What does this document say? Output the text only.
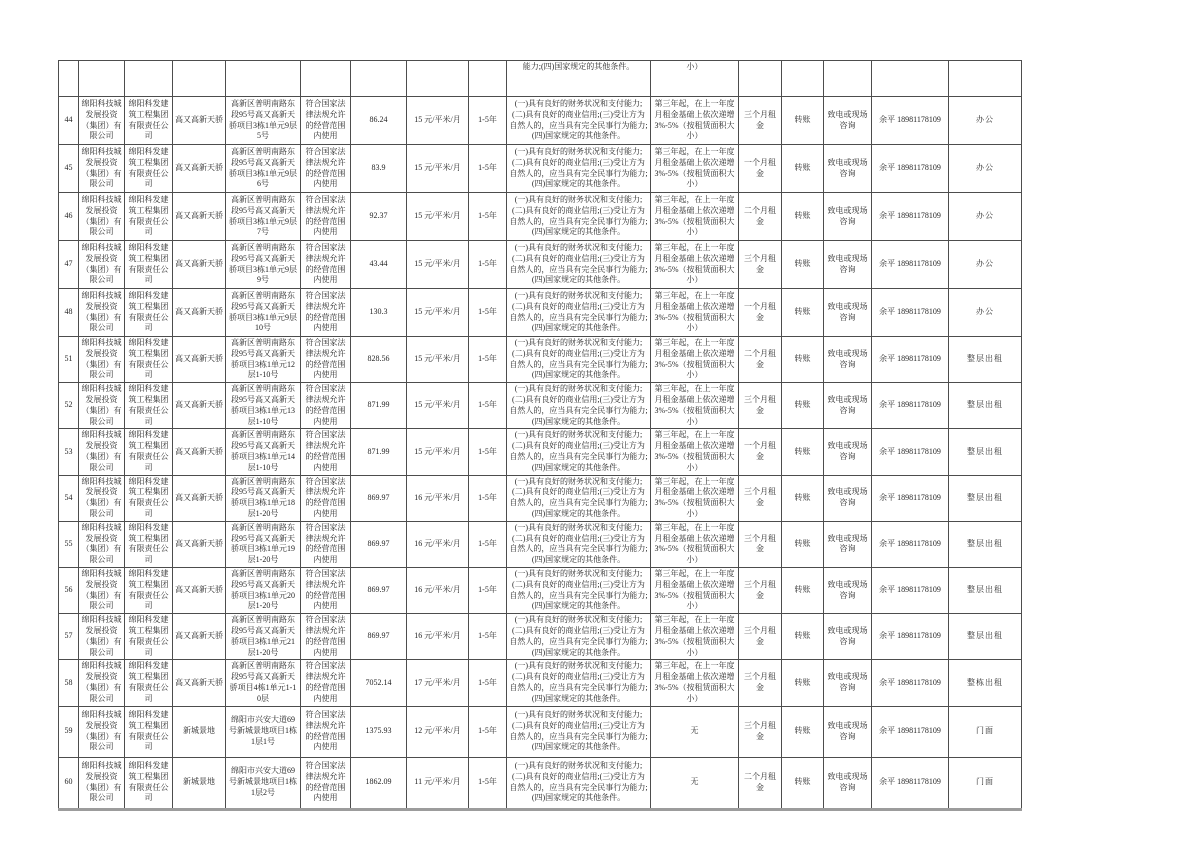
									能力;(四)国家规定的其他条件。	小）					
44	绵阳科技城发展投资（集团）有限公司	绵阳科发建筑工程集团有限责任公司	高又高新天骄	高新区普明南路东段95号高又高新天骄项目3栋1单元9层5号	符合国家法律法规允许的经营范围内使用	86.24	15 元/平米/月	1-5年	(一)具有良好的财务状况和支付能力;(二)具有良好的商业信用;(三)受让方为自然人的，应当具有完全民事行为能力;(四)国家规定的其他条件。	第三年起，在上一年度月租金基础上依次递增3%-5%（按租赁面积大小）	三个月租金	转账	致电或现场咨询	余平 18981178109	办公
45	绵阳科技城发展投资（集团）有限公司	绵阳科发建筑工程集团有限责任公司	高又高新天骄	高新区普明南路东段95号高又高新天骄项目3栋1单元9层6号	符合国家法律法规允许的经营范围内使用	83.9	15 元/平米/月	1-5年	(一)具有良好的财务状况和支付能力;(二)具有良好的商业信用;(三)受让方为自然人的，应当具有完全民事行为能力;(四)国家规定的其他条件。	第三年起，在上一年度月租金基础上依次递增3%-5%（按租赁面积大小）	一个月租金	转账	致电或现场咨询	余平 18981178109	办公
46	绵阳科技城发展投资（集团）有限公司	绵阳科发建筑工程集团有限责任公司	高又高新天骄	高新区普明南路东段95号高又高新天骄项目3栋1单元9层7号	符合国家法律法规允许的经营范围内使用	92.37	15 元/平米/月	1-5年	(一)具有良好的财务状况和支付能力;(二)具有良好的商业信用;(三)受让方为自然人的，应当具有完全民事行为能力;(四)国家规定的其他条件。	第三年起，在上一年度月租金基础上依次递增3%-5%（按租赁面积大小）	二个月租金	转账	致电或现场咨询	余平 18981178109	办公
47	绵阳科技城发展投资（集团）有限公司	绵阳科发建筑工程集团有限责任公司	高又高新天骄	高新区普明南路东段95号高又高新天骄项目3栋1单元9层9号	符合国家法律法规允许的经营范围内使用	43.44	15 元/平米/月	1-5年	(一)具有良好的财务状况和支付能力;(二)具有良好的商业信用;(三)受让方为自然人的，应当具有完全民事行为能力;(四)国家规定的其他条件。	第三年起，在上一年度月租金基础上依次递增3%-5%（按租赁面积大小）	三个月租金	转账	致电或现场咨询	余平 18981178109	办公
48	绵阳科技城发展投资（集团）有限公司	绵阳科发建筑工程集团有限责任公司	高又高新天骄	高新区普明南路东段95号高又高新天骄项目3栋1单元9层10号	符合国家法律法规允许的经营范围内使用	130.3	15 元/平米/月	1-5年	(一)具有良好的财务状况和支付能力;(二)具有良好的商业信用;(三)受让方为自然人的，应当具有完全民事行为能力;(四)国家规定的其他条件。	第三年起，在上一年度月租金基础上依次递增3%-5%（按租赁面积大小）	一个月租金	转账	致电或现场咨询	余平 18981178109	办公
51	绵阳科技城发展投资（集团）有限公司	绵阳科发建筑工程集团有限责任公司	高又高新天骄	高新区普明南路东段95号高又高新天骄项目3栋1单元12层1-10号	符合国家法律法规允许的经营范围内使用	828.56	15 元/平米/月	1-5年	(一)具有良好的财务状况和支付能力;(二)具有良好的商业信用;(三)受让方为自然人的，应当具有完全民事行为能力;(四)国家规定的其他条件。	第三年起，在上一年度月租金基础上依次递增3%-5%（按租赁面积大小）	二个月租金	转账	致电或现场咨询	余平 18981178109	整层出租
52	绵阳科技城发展投资（集团）有限公司	绵阳科发建筑工程集团有限责任公司	高又高新天骄	高新区普明南路东段95号高又高新天骄项目3栋1单元13层1-10号	符合国家法律法规允许的经营范围内使用	871.99	15 元/平米/月	1-5年	(一)具有良好的财务状况和支付能力;(二)具有良好的商业信用;(三)受让方为自然人的，应当具有完全民事行为能力;(四)国家规定的其他条件。	第三年起，在上一年度月租金基础上依次递增3%-5%（按租赁面积大小）	三个月租金	转账	致电或现场咨询	余平 18981178109	整层出租
53	绵阳科技城发展投资（集团）有限公司	绵阳科发建筑工程集团有限责任公司	高又高新天骄	高新区普明南路东段95号高又高新天骄项目3栋1单元14层1-10号	符合国家法律法规允许的经营范围内使用	871.99	15 元/平米/月	1-5年	(一)具有良好的财务状况和支付能力;(二)具有良好的商业信用;(三)受让方为自然人的，应当具有完全民事行为能力;(四)国家规定的其他条件。	第三年起，在上一年度月租金基础上依次递增3%-5%（按租赁面积大小）	一个月租金	转账	致电或现场咨询	余平 18981178109	整层出租
54	绵阳科技城发展投资（集团）有限公司	绵阳科发建筑工程集团有限责任公司	高又高新天骄	高新区普明南路东段95号高又高新天骄项目3栋1单元18层1-20号	符合国家法律法规允许的经营范围内使用	869.97	16 元/平米/月	1-5年	(一)具有良好的财务状况和支付能力;(二)具有良好的商业信用;(三)受让方为自然人的，应当具有完全民事行为能力;(四)国家规定的其他条件。	第三年起，在上一年度月租金基础上依次递增3%-5%（按租赁面积大小）	三个月租金	转账	致电或现场咨询	余平 18981178109	整层出租
55	绵阳科技城发展投资（集团）有限公司	绵阳科发建筑工程集团有限责任公司	高又高新天骄	高新区普明南路东段95号高又高新天骄项目3栋1单元19层1-20号	符合国家法律法规允许的经营范围内使用	869.97	16 元/平米/月	1-5年	(一)具有良好的财务状况和支付能力;(二)具有良好的商业信用;(三)受让方为自然人的，应当具有完全民事行为能力;(四)国家规定的其他条件。	第三年起，在上一年度月租金基础上依次递增3%-5%（按租赁面积大小）	三个月租金	转账	致电或现场咨询	余平 18981178109	整层出租
56	绵阳科技城发展投资（集团）有限公司	绵阳科发建筑工程集团有限责任公司	高又高新天骄	高新区普明南路东段95号高又高新天骄项目3栋1单元20层1-20号	符合国家法律法规允许的经营范围内使用	869.97	16 元/平米/月	1-5年	(一)具有良好的财务状况和支付能力;(二)具有良好的商业信用;(三)受让方为自然人的，应当具有完全民事行为能力;(四)国家规定的其他条件。	第三年起，在上一年度月租金基础上依次递增3%-5%（按租赁面积大小）	三个月租金	转账	致电或现场咨询	余平 18981178109	整层出租
57	绵阳科技城发展投资（集团）有限公司	绵阳科发建筑工程集团有限责任公司	高又高新天骄	高新区普明南路东段95号高又高新天骄项目3栋1单元21层1-20号	符合国家法律法规允许的经营范围内使用	869.97	16 元/平米/月	1-5年	(一)具有良好的财务状况和支付能力;(二)具有良好的商业信用;(三)受让方为自然人的，应当具有完全民事行为能力;(四)国家规定的其他条件。	第三年起，在上一年度月租金基础上依次递增3%-5%（按租赁面积大小）	三个月租金	转账	致电或现场咨询	余平 18981178109	整层出租
58	绵阳科技城发展投资（集团）有限公司	绵阳科发建筑工程集团有限责任公司	高又高新天骄	高新区普明南路东段95号高又高新天骄项目4栋1单元1-10层	符合国家法律法规允许的经营范围内使用	7052.14	17 元/平米/月	1-5年	(一)具有良好的财务状况和支付能力;(二)具有良好的商业信用;(三)受让方为自然人的，应当具有完全民事行为能力;(四)国家规定的其他条件。	第三年起，在上一年度月租金基础上依次递增3%-5%（按租赁面积大小）	三个月租金	转账	致电或现场咨询	余平 18981178109	整栋出租
59	绵阳科技城发展投资（集团）有限公司	绵阳科发建筑工程集团有限责任公司	新城景地	绵阳市兴安大道69号新城景地项目1栋1层1号	符合国家法律法规允许的经营范围内使用	1375.93	12 元/平米/月	1-5年	(一)具有良好的财务状况和支付能力;(二)具有良好的商业信用;(三)受让方为自然人的，应当具有完全民事行为能力;(四)国家规定的其他条件。	无	三个月租金	转账	致电或现场咨询	余平 18981178109	门面
60	绵阳科技城发展投资（集团）有限公司	绵阳科发建筑工程集团有限责任公司	新城景地	绵阳市兴安大道69号新城景地项目1栋1层2号	符合国家法律法规允许的经营范围内使用	1862.09	11 元/平米/月	1-5年	(一)具有良好的财务状况和支付能力;(二)具有良好的商业信用;(三)受让方为自然人的，应当具有完全民事行为能力;(四)国家规定的其他条件。	无	二个月租金	转账	致电或现场咨询	余平 18981178109	门面
